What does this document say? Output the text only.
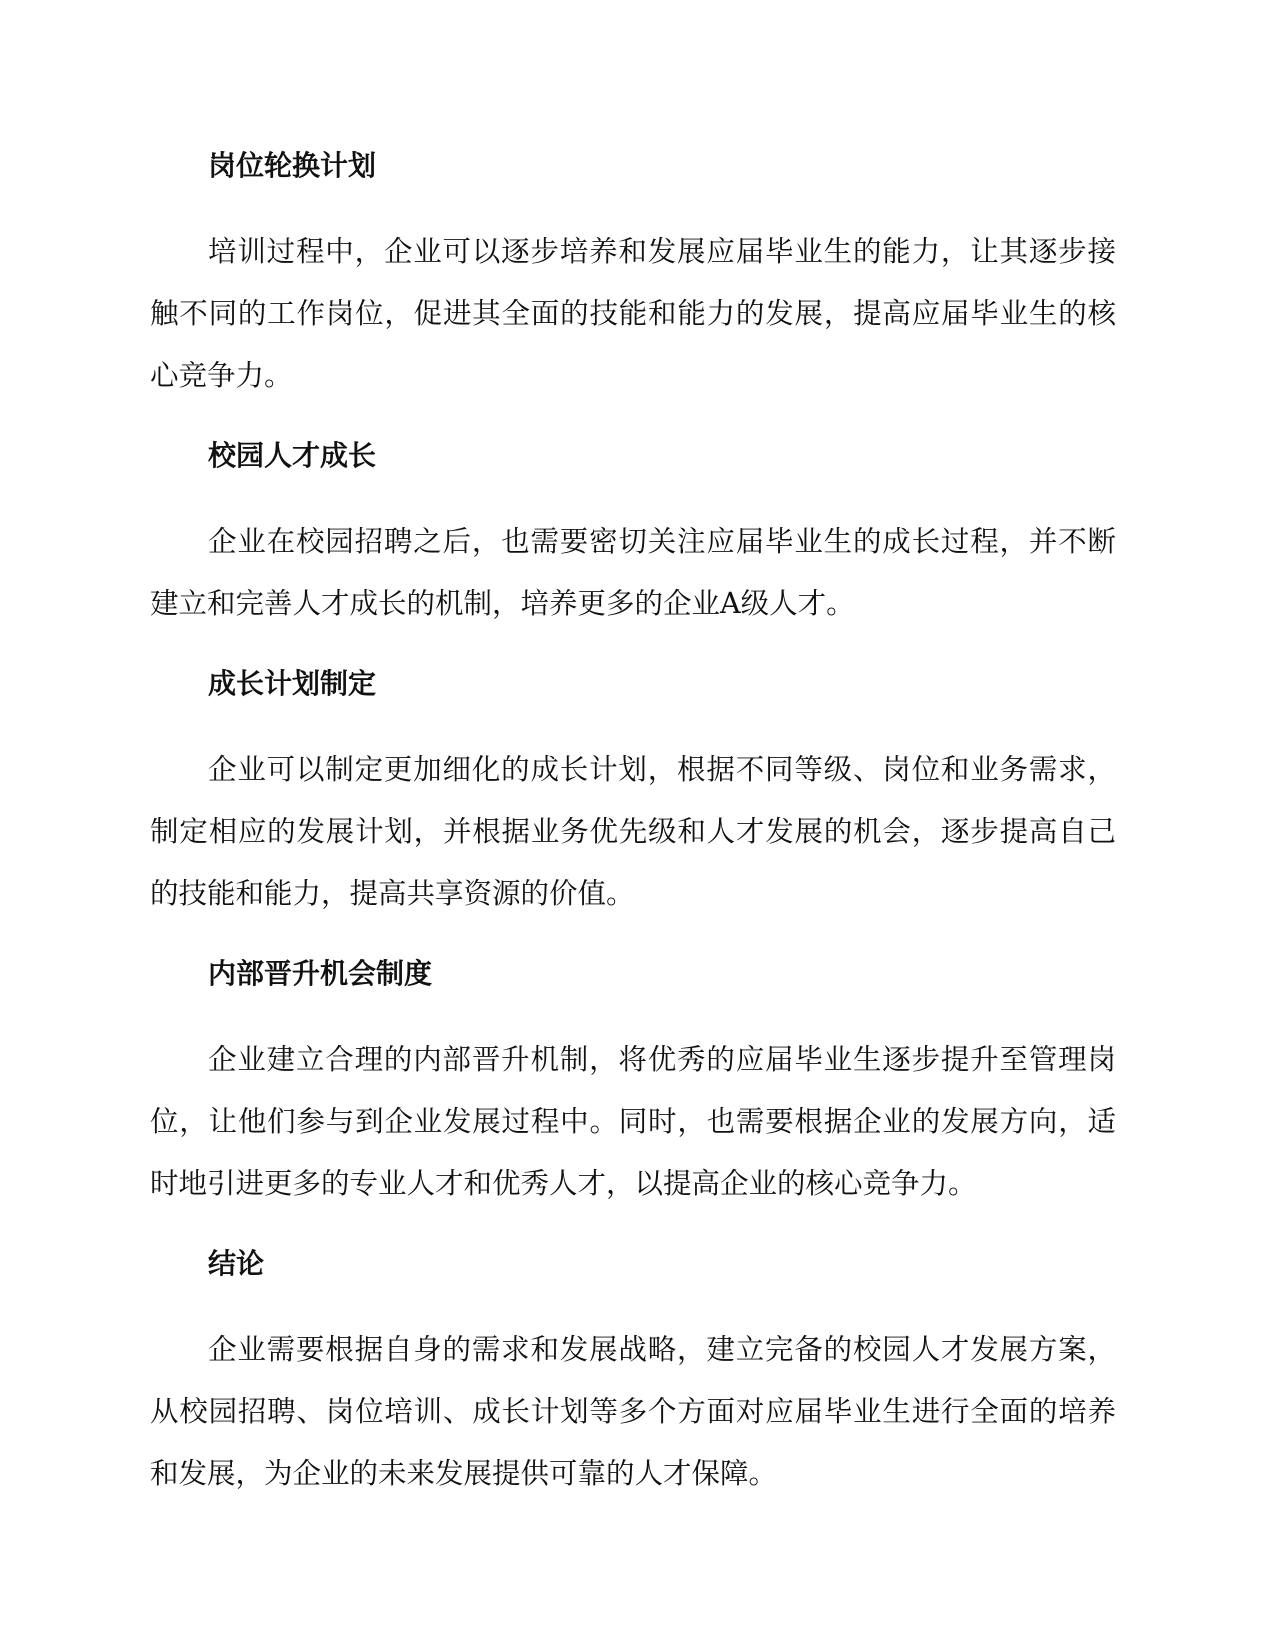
岗位轮换计划

培训过程中，企业可以逐步培养和发展应届毕业生的能力，让其逐步接触不同的工作岗位，促进其全面的技能和能力的发展，提高应届毕业生的核心竞争力。

校园人才成长

企业在校园招聘之后，也需要密切关注应届毕业生的成长过程，并不断建立和完善人才成长的机制，培养更多的企业A级人才。

成长计划制定

企业可以制定更加细化的成长计划，根据不同等级、岗位和业务需求，制定相应的发展计划，并根据业务优先级和人才发展的机会，逐步提高自己的技能和能力，提高共享资源的价值。

内部晋升机会制度

企业建立合理的内部晋升机制，将优秀的应届毕业生逐步提升至管理岗位，让他们参与到企业发展过程中。同时，也需要根据企业的发展方向，适时地引进更多的专业人才和优秀人才，以提高企业的核心竞争力。

结论

企业需要根据自身的需求和发展战略，建立完备的校园人才发展方案，从校园招聘、岗位培训、成长计划等多个方面对应届毕业生进行全面的培养和发展，为企业的未来发展提供可靠的人才保障。
